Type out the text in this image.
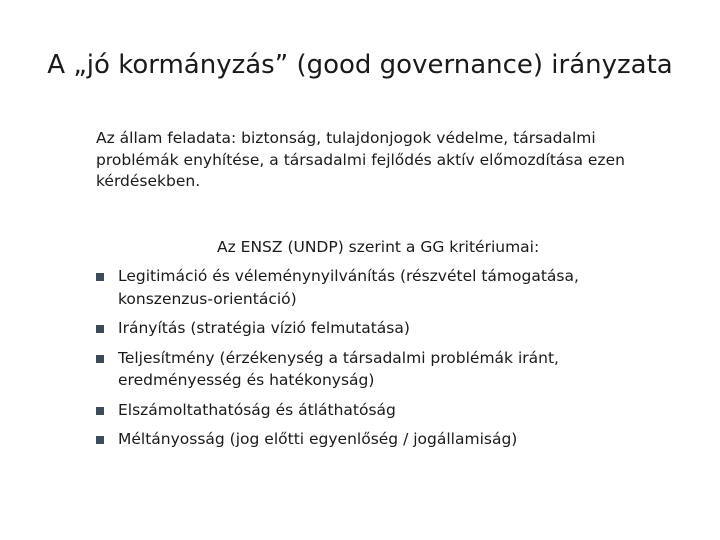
A „jó kormányzás” (good governance) irányzata

Az állam feladata: biztonság, tulajdonjogok védelme, társadalmi problémák enyhítése, a társadalmi fejlődés aktív előmozdítása ezen kérdésekben.

Az ENSZ (UNDP) szerint a GG kritériumai:

Legitimáció és véleménynyilvánítás (részvétel támogatása, konszenzus-orientáció)
Irányítás (stratégia vízió felmutatása)
Teljesítmény (érzékenység a társadalmi problémák iránt, eredményesség és hatékonyság)
Elszámoltathatóság és átláthatóság
Méltányosság (jog előtti egyenlőség / jogállamiság)
